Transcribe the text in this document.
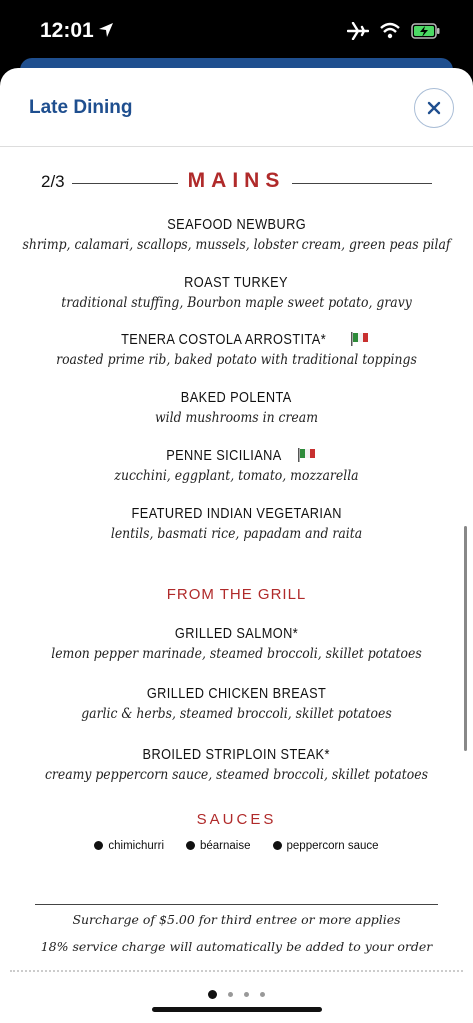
12:01
Late Dining
2/3	MAINS
SEAFOOD NEWBURG
shrimp, calamari, scallops, mussels, lobster cream, green peas pilaf
ROAST TURKEY
traditional stuffing, Bourbon maple sweet potato, gravy
TENERA COSTOLA ARROSTITA*
roasted prime rib, baked potato with traditional toppings
BAKED POLENTA
wild mushrooms in cream
PENNE SICILIANA
zucchini, eggplant, tomato, mozzarella
FEATURED INDIAN VEGETARIAN
lentils, basmati rice, papadam and raita
FROM THE GRILL
GRILLED SALMON*
lemon pepper marinade, steamed broccoli, skillet potatoes
GRILLED CHICKEN BREAST
garlic & herbs, steamed broccoli, skillet potatoes
BROILED STRIPLOIN STEAK*
creamy peppercorn sauce, steamed broccoli, skillet potatoes
SAUCES
chimichurri	béarnaise	peppercorn sauce
Surcharge of $5.00 for third entree or more applies
18% service charge will automatically be added to your order
